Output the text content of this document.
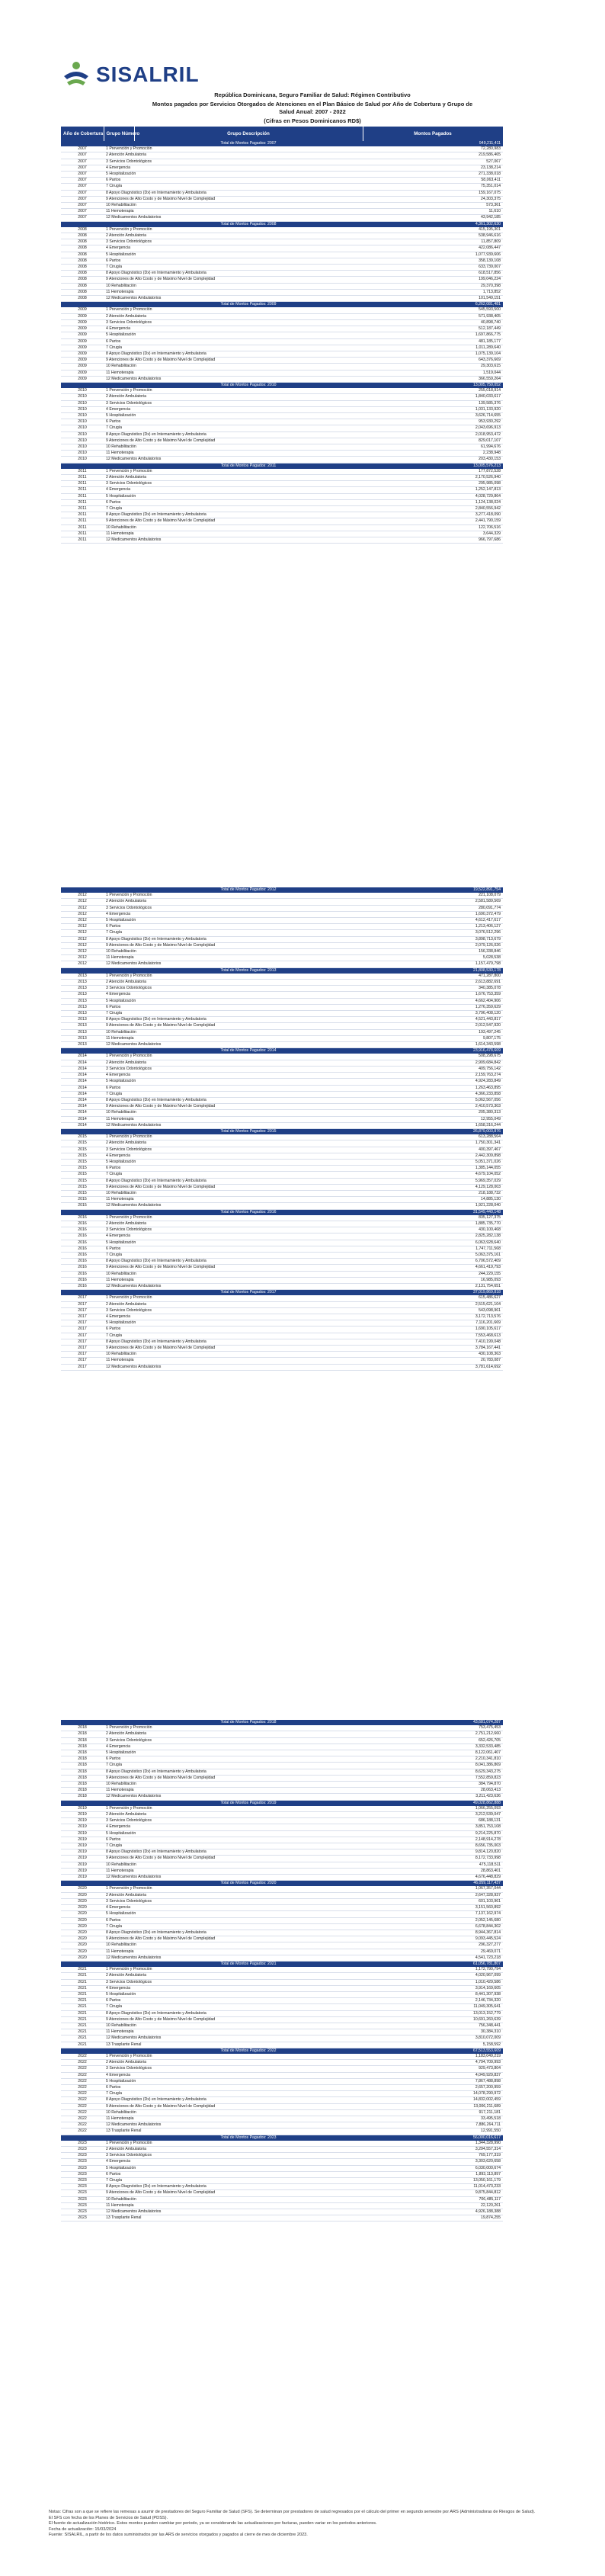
SISALRIL
República Dominicana, Seguro Familiar de Salud: Régimen Contributivo
Montos pagados por Servicios Otorgados de Atenciones en el Plan Básico de Salud por Año de Cobertura y Grupo de
Salud Anual: 2007 - 2022
(Cifras en Pesos Dominicanos RD$)
Año de Cobertura	Grupo Número	Grupo Descripción	Montos Pagados
		Total de Montos Pagados: 2007	949,211,411
2007	1 Prevención y Promoción		72,280,983
2007	2 Atención Ambulatoria		219,586,465
2007	3 Servicios Odontológicos		527,067
2007	4 Emergencia		23,138,214
2007	5 Hospitalización		271,338,018
2007	6 Partos		58,063,411
2007	7 Cirugía		75,351,014
2007	8 Apoyo Diagnóstico (Dx) en Internamiento y Ambulatoria		159,167,075
2007	9 Atenciones de Alto Costo y de Máximo Nivel de Complejidad		24,303,375
2007	10 Rehabilitación		573,361
2007	11 Hemoterapia		11,610
2007	12 Medicamentos Ambulatorios		43,942,185
		Total de Montos Pagados: 2008	4,361,302,630
2008	1 Prevención y Promoción		415,195,301
2008	2 Atención Ambulatoria		538,946,616
2008	3 Servicios Odontológicos		11,857,809
2008	4 Emergencia		422,086,447
2008	5 Hospitalización		1,077,939,606
2008	6 Partos		358,139,108
2008	7 Cirugía		633,739,007
2008	8 Apoyo Diagnóstico (Dx) en Internamiento y Ambulatoria		618,517,856
2008	9 Atenciones de Alto Costo y de Máximo Nivel de Complejidad		199,046,224
2008	10 Rehabilitación		29,370,398
2008	11 Hemoterapia		1,713,852
2008	12 Medicamentos Ambulatorios		101,549,151
		Total de Montos Pagados: 2009	6,262,081,481
2009	1 Prevención y Promoción		545,593,500
2009	2 Atención Ambulatoria		571,938,405
2009	3 Servicios Odontológicos		40,898,740
2009	4 Emergencia		512,187,449
2009	5 Hospitalización		1,697,866,775
2009	6 Partos		481,185,177
2009	7 Cirugía		1,011,289,640
2009	8 Apoyo Diagnóstico (Dx) en Internamiento y Ambulatoria		1,075,139,104
2009	9 Atenciones de Alto Costo y de Máximo Nivel de Complejidad		643,376,669
2009	10 Rehabilitación		29,303,615
2009	11 Hemoterapia		1,519,044
2009	12 Medicamentos Ambulatorios		366,559,264
		Total de Montos Pagados: 2010	13,005,750,052
2010	1 Prevención y Promoción		255,018,914
2010	2 Atención Ambulatoria		1,840,033,617
2010	3 Servicios Odontológicos		139,585,376
2010	4 Emergencia		1,031,133,920
2010	5 Hospitalización		3,626,714,655
2010	6 Partos		953,930,292
2010	7 Cirugía		2,043,696,913
2010	8 Apoyo Diagnóstico (Dx) en Internamiento y Ambulatoria		2,018,953,472
2010	9 Atenciones de Alto Costo y de Máximo Nivel de Complejidad		829,017,107
2010	10 Rehabilitación		61,994,676
2010	11 Hemoterapia		2,238,948
2010	12 Medicamentos Ambulatorios		203,430,153
		Total de Montos Pagados: 2011	13,005,576,213
2011	1 Prevención y Promoción		177,872,528
2011	2 Atención Ambulatoria		2,170,526,940
2011	3 Servicios Odontológicos		295,985,098
2011	4 Emergencia		1,252,147,813
2011	5 Hospitalización		4,028,729,864
2011	6 Partos		1,124,138,024
2011	7 Cirugía		2,840,556,942
2011	8 Apoyo Diagnóstico (Dx) en Internamiento y Ambulatoria		3,277,418,090
2011	9 Atenciones de Alto Costo y de Máximo Nivel de Complejidad		2,441,790,159
2011	10 Rehabilitación		122,706,516
2011	11 Hemoterapia		3,644,329
2011	12 Medicamentos Ambulatorios		966,797,686
		Total de Montos Pagados: 2012	19,522,891,754
2012	1 Prevención y Promoción		221,108,079
2012	2 Atención Ambulatoria		2,581,589,569
2012	3 Servicios Odontológicos		280,091,774
2012	4 Emergencia		1,690,372,479
2012	5 Hospitalización		4,612,417,617
2012	6 Partos		1,213,406,127
2012	7 Cirugía		3,076,512,296
2012	8 Apoyo Diagnóstico (Dx) en Internamiento y Ambulatoria		3,898,713,679
2012	9 Atenciones de Alto Costo y de Máximo Nivel de Complejidad		2,079,126,026
2012	10 Rehabilitación		156,338,846
2012	11 Hemoterapia		5,028,538
2012	12 Medicamentos Ambulatorios		1,157,479,798
		Total de Montos Pagados: 2013	21,808,530,178
2013	1 Prevención y Promoción		471,287,800
2013	2 Atención Ambulatoria		2,613,882,691
2013	3 Servicios Odontológicos		340,385,078
2013	4 Emergencia		1,676,753,359
2013	5 Hospitalización		4,662,404,906
2013	6 Partos		1,276,359,629
2013	7 Cirugía		3,796,408,120
2013	8 Apoyo Diagnóstico (Dx) en Internamiento y Ambulatoria		4,521,443,817
2013	9 Atenciones de Alto Costo y de Máximo Nivel de Complejidad		2,012,547,920
2013	10 Rehabilitación		193,497,245
2013	11 Hemoterapia		9,807,175
2013	12 Medicamentos Ambulatorios		1,614,343,598
		Total de Montos Pagados: 2014	23,916,478,609
2014	1 Prevención y Promoción		508,298,675
2014	2 Atención Ambulatoria		2,909,684,842
2014	3 Servicios Odontológicos		409,756,142
2014	4 Emergencia		2,159,763,274
2014	5 Hospitalización		4,924,283,849
2014	6 Partos		1,263,463,895
2014	7 Cirugía		4,366,233,858
2014	8 Apoyo Diagnóstico (Dx) en Internamiento y Ambulatoria		5,062,567,056
2014	9 Atenciones de Alto Costo y de Máximo Nivel de Complejidad		2,410,573,303
2014	10 Rehabilitación		205,380,313
2014	11 Hemoterapia		12,955,049
2014	12 Medicamentos Ambulatorios		1,658,316,244
		Total de Montos Pagados: 2015	26,879,003,876
2015	1 Prevención y Promoción		613,288,564
2015	2 Atención Ambulatoria		1,750,301,341
2015	3 Servicios Odontológicos		400,397,467
2015	4 Emergencia		2,442,309,898
2015	5 Hospitalización		5,051,371,026
2015	6 Partos		1,385,144,055
2015	7 Cirugía		4,679,104,052
2015	8 Apoyo Diagnóstico (Dx) en Internamiento y Ambulatoria		5,969,357,029
2015	9 Atenciones de Alto Costo y de Máximo Nivel de Complejidad		4,129,128,003
2015	10 Rehabilitación		218,188,732
2015	11 Hemoterapia		14,885,130
2015	12 Medicamentos Ambulatorios		1,921,228,040
		Total de Montos Pagados: 2016	31,549,440,148
2016	1 Prevención y Promoción		835,127,375
2016	2 Atención Ambulatoria		1,885,735,770
2016	3 Servicios Odontológicos		430,100,468
2016	4 Emergencia		2,825,282,138
2016	5 Hospitalización		6,063,928,640
2016	6 Partos		1,747,711,568
2016	7 Cirugía		5,063,375,161
2016	8 Apoyo Diagnóstico (Dx) en Internamiento y Ambulatoria		6,706,572,409
2016	9 Atenciones de Alto Costo y de Máximo Nivel de Complejidad		4,661,419,793
2016	10 Rehabilitación		244,229,155
2016	11 Hemoterapia		16,985,093
2016	12 Medicamentos Ambulatorios		2,131,754,651
		Total de Montos Pagados: 2017	37,019,869,818
2017	1 Prevención y Promoción		615,486,627
2017	2 Atención Ambulatoria		2,515,621,104
2017	3 Servicios Odontológicos		543,098,961
2017	4 Emergencia		3,172,713,576
2017	5 Hospitalización		7,116,201,669
2017	6 Partos		1,690,105,617
2017	7 Cirugía		7,553,468,613
2017	8 Apoyo Diagnóstico (Dx) en Internamiento y Ambulatoria		7,410,199,048
2017	9 Atenciones de Alto Costo y de Máximo Nivel de Complejidad		3,784,167,441
2017	10 Rehabilitación		430,108,363
2017	11 Hemoterapia		20,783,087
2017	12 Medicamentos Ambulatorios		3,781,614,692
		Total de Montos Pagados: 2018	43,681,074,287
2018	1 Prevención y Promoción		753,475,453
2018	2 Atención Ambulatoria		2,751,212,660
2018	3 Servicios Odontológicos		652,426,705
2018	4 Emergencia		3,332,533,485
2018	5 Hospitalización		8,122,061,407
2018	6 Partos		2,210,341,810
2018	7 Cirugía		8,041,386,869
2018	8 Apoyo Diagnóstico (Dx) en Internamiento y Ambulatoria		8,629,343,275
2018	9 Atenciones de Alto Costo y de Máximo Nivel de Complejidad		7,552,859,823
2018	10 Rehabilitación		384,794,870
2018	11 Hemoterapia		28,063,413
2018	12 Medicamentos Ambulatorios		3,211,423,636
		Total de Montos Pagados: 2019	49,028,862,888
2019	1 Prevención y Promoción		1,066,255,093
2019	2 Atención Ambulatoria		3,212,539,047
2019	3 Servicios Odontológicos		686,188,131
2019	4 Emergencia		3,851,753,108
2019	5 Hospitalización		9,214,225,870
2019	6 Partos		2,148,914,278
2019	7 Cirugía		8,656,735,003
2019	8 Apoyo Diagnóstico (Dx) en Internamiento y Ambulatoria		9,814,120,820
2019	9 Atenciones de Alto Costo y de Máximo Nivel de Complejidad		8,172,733,998
2019	10 Rehabilitación		475,118,511
2019	11 Hemoterapia		28,863,401
2019	12 Medicamentos Ambulatorios		4,676,448,829
		Total de Montos Pagados: 2020	46,059,117,437
2020	1 Prevención y Promoción		1,067,357,044
2020	2 Atención Ambulatoria		2,647,328,937
2020	3 Servicios Odontológicos		601,103,961
2020	4 Emergencia		3,151,560,892
2020	5 Hospitalización		7,137,162,974
2020	6 Partos		2,052,145,680
2020	7 Cirugía		6,678,844,302
2020	8 Apoyo Diagnóstico (Dx) en Internamiento y Ambulatoria		8,944,367,814
2020	9 Atenciones de Alto Costo y de Máximo Nivel de Complejidad		9,093,445,524
2020	10 Rehabilitación		296,327,277
2020	11 Hemoterapia		29,469,071
2020	12 Medicamentos Ambulatorios		4,541,723,218
		Total de Montos Pagados: 2021	61,056,781,807
2021	1 Prevención y Promoción		1,172,790,794
2021	2 Atención Ambulatoria		4,020,967,099
2021	3 Servicios Odontológicos		1,010,429,586
2021	4 Emergencia		3,914,169,605
2021	5 Hospitalización		8,441,307,938
2021	6 Partos		2,146,734,320
2021	7 Cirugía		11,049,305,641
2021	8 Apoyo Diagnóstico (Dx) en Internamiento y Ambulatoria		13,013,152,779
2021	9 Atenciones de Alto Costo y de Máximo Nivel de Complejidad		10,691,260,639
2021	10 Rehabilitación		756,348,441
2021	11 Hemoterapia		30,384,310
2021	12 Medicamentos Ambulatorios		3,810,072,009
2021	13 Trasplante Renal		5,158,592
		Total de Montos Pagados: 2022	67,513,553,609
2022	1 Prevención y Promoción		1,183,049,219
2022	2 Atención Ambulatoria		4,794,709,993
2022	3 Servicios Odontológicos		929,473,804
2022	4 Emergencia		4,049,929,837
2022	5 Hospitalización		7,867,488,898
2022	6 Partos		2,657,200,959
2022	7 Cirugía		14,078,290,972
2022	8 Apoyo Diagnóstico (Dx) en Internamiento y Ambulatoria		14,832,002,459
2022	9 Atenciones de Alto Costo y de Máximo Nivel de Complejidad		13,006,211,689
2022	10 Rehabilitación		917,211,181
2022	11 Hemoterapia		33,495,518
2022	12 Medicamentos Ambulatorios		7,886,264,711
2022	13 Trasplante Renal		12,991,550
		Total de Montos Pagados: 2023	56,000,016,617
2023	1 Prevención y Promoción		1,344,328,990
2023	2 Atención Ambulatoria		3,294,557,314
2023	3 Servicios Odontológicos		769,177,319
2023	4 Emergencia		3,303,620,658
2023	5 Hospitalización		6,030,000,674
2023	6 Partos		1,893,113,897
2023	7 Cirugía		13,050,161,179
2023	8 Apoyo Diagnóstico (Dx) en Internamiento y Ambulatoria		11,014,473,233
2023	9 Atenciones de Alto Costo y de Máximo Nivel de Complejidad		9,875,844,812
2023	10 Rehabilitación		706,485,117
2023	11 Hemoterapia		22,120,261
2023	12 Medicamentos Ambulatorios		4,926,188,388
2023	13 Trasplante Renal		19,874,255
Notas: Cifras son a que se refiere las remesas a asumir de prestadores del Seguro Familiar de Salud (SFS). Se determinan por prestadores de salud regresados por el cálculo del primer en segundo semestre por ARS (Administradoras de Riesgos de Salud).
El SFS con fecha de los Planes de Servicios de Salud (PDSS).
El fuente de actualización histórico. Estos montos pueden cambiar por periodo, ya se considerando las actualizaciones por facturas, pueden variar en los periodos anteriores.
Fecha de actualización: 15/03/2024
Fuente: SISALRIL, a partir de los datos suministrados por las ARS de servicios otorgados y pagados al cierre de mes de diciembre 2023.
